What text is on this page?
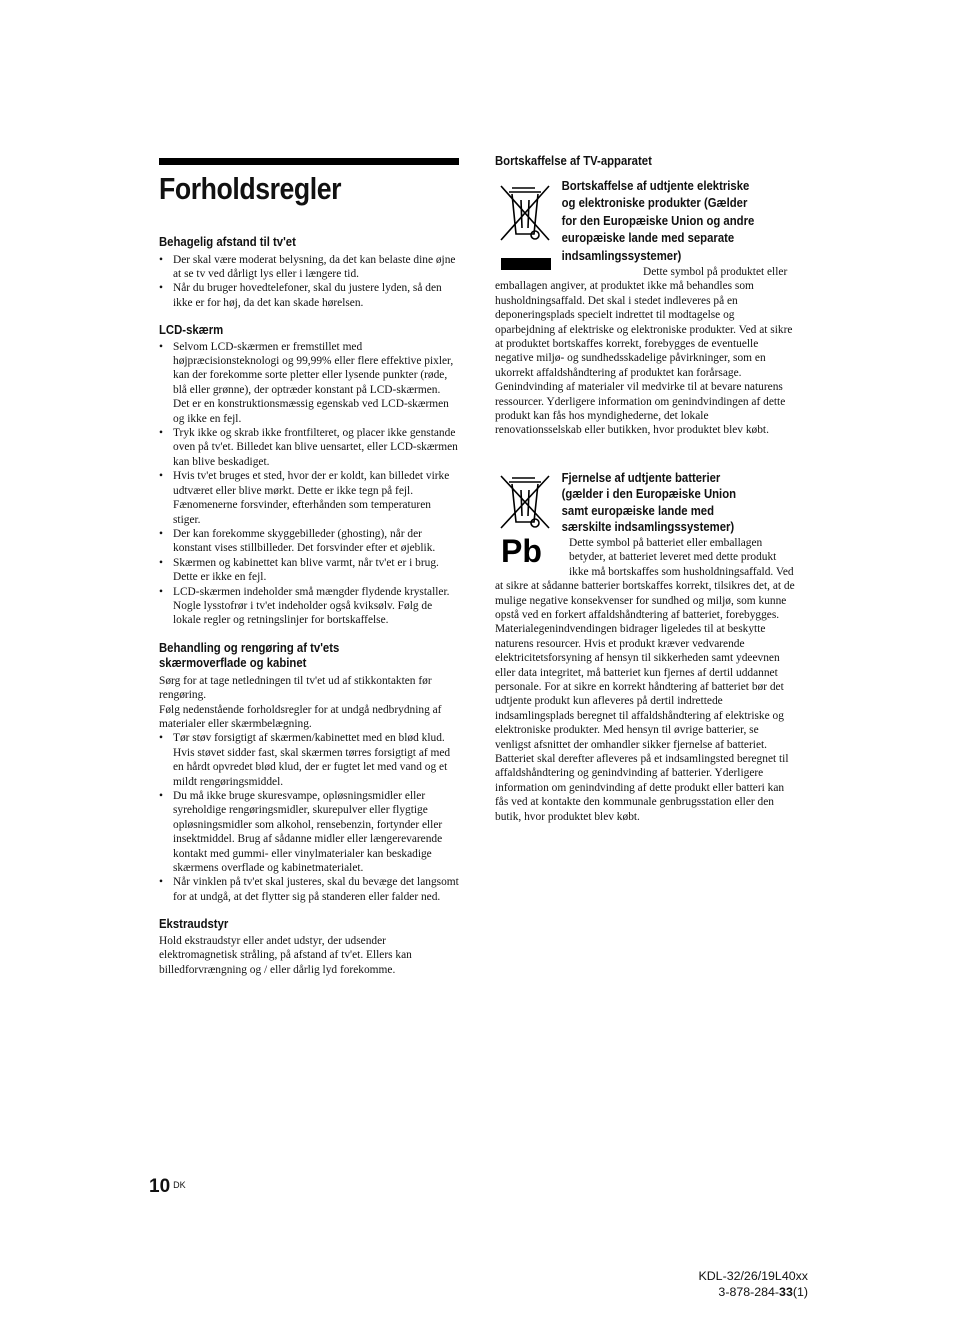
Forholdsregler
Behagelig afstand til tv'et
• Der skal være moderat belysning, da det kan belaste dine øjne at se tv ved dårligt lys eller i længere tid.
• Når du bruger hovedtelefoner, skal du justere lyden, så den ikke er for høj, da det kan skade hørelsen.
LCD-skærm
• Selvom LCD-skærmen er fremstillet med højpræcisionsteknologi og 99,99% eller flere effektive pixler, kan der forekomme sorte pletter eller lysende punkter (røde, blå eller grønne), der optræder konstant på LCD-skærmen. Det er en konstruktionsmæssig egenskab ved LCD-skærmen og ikke en fejl.
• Tryk ikke og skrab ikke frontfilteret, og placer ikke genstande oven på tv'et. Billedet kan blive uensartet, eller LCD-skærmen kan blive beskadiget.
• Hvis tv'et bruges et sted, hvor der er koldt, kan billedet virke udtværet eller blive mørkt. Dette er ikke tegn på fejl. Fænomenerne forsvinder, efterhånden som temperaturen stiger.
• Der kan forekomme skyggebilleder (ghosting), når der konstant vises stillbilleder. Det forsvinder efter et øjeblik.
• Skærmen og kabinettet kan blive varmt, når tv'et er i brug. Dette er ikke en fejl.
• LCD-skærmen indeholder små mængder flydende krystaller. Nogle lysstofrør i tv'et indeholder også kviksølv. Følg de lokale regler og retningslinjer for bortskaffelse.
Behandling og rengøring af tv'ets skærmoverflade og kabinet
Sørg for at tage netledningen til tv'et ud af stikkontakten før rengøring.
Følg nedenstående forholdsregler for at undgå nedbrydning af materialer eller skærmbelægning.
• Tør støv forsigtigt af skærmen/kabinettet med en blød klud. Hvis støvet sidder fast, skal skærmen tørres forsigtigt af med en hårdt opvredet blød klud, der er fugtet let med vand og et mildt rengøringsmiddel.
• Du må ikke bruge skuresvampe, opløsningsmidler eller syreholdige rengøringsmidler, skurepulver eller flygtige opløsningsmidler som alkohol, rensebenzin, fortynder eller insektmiddel. Brug af sådanne midler eller længerevarende kontakt med gummi- eller vinylmaterialer kan beskadige skærmens overflade og kabinetmaterialet.
• Når vinklen på tv'et skal justeres, skal du bevæge det langsomt for at undgå, at det flytter sig på standeren eller falder ned.
Ekstraudstyr
Hold ekstraudstyr eller andet udstyr, der udsender elektromagnetisk stråling, på afstand af tv'et. Ellers kan billedforvrængning og / eller dårlig lyd forekomme.
Bortskaffelse af TV-apparatet
Bortskaffelse af udtjente elektriske og elektroniske produkter (Gælder for den Europæiske Union og andre europæiske lande med separate indsamlingssystemer)
Dette symbol på produktet eller emballagen angiver, at produktet ikke må behandles som husholdningsaffald. Det skal i stedet indleveres på en deponeringsplads specielt indrettet til modtagelse og oparbejdning af elektriske og elektroniske produkter. Ved at sikre at produktet bortskaffes korrekt, forebygges de eventuelle negative miljø- og sundhedsskadelige påvirkninger, som en ukorrekt affaldshåndtering af produktet kan forårsage. Genindvinding af materialer vil medvirke til at bevare naturens ressourcer. Yderligere information om genindvindingen af dette produkt kan fås hos myndighederne, det lokale renovationsselskab eller butikken, hvor produktet blev købt.
Pb
Fjernelse af udtjente batterier (gælder i den Europæiske Union samt europæiske lande med særskilte indsamlingssystemer)
Dette symbol på batteriet eller emballagen betyder, at batteriet leveret med dette produkt ikke må bortskaffes som husholdningsaffald. Ved at sikre at sådanne batterier bortskaffes korrekt, tilsikres det, at de mulige negative konsekvenser for sundhed og miljø, som kunne opstå ved en forkert affaldshåndtering af batteriet, forebygges. Materialegenindvendingen bidrager ligeledes til at beskytte naturens resourcer. Hvis et produkt kræver vedvarende elektricitetsforsyning af hensyn til sikkerheden samt ydeevnen eller data integritet, må batteriet kun fjernes af dertil uddannet personale. For at sikre en korrekt håndtering af batteriet bør det udtjente produkt kun afleveres på dertil indrettede indsamlingsplads beregnet til affaldshåndtering af elektriske og elektroniske produkter. Med hensyn til øvrige batterier, se venligst afsnittet der omhandler sikker fjernelse af batteriet. Batteriet skal derefter afleveres på et indsamlingsted beregnet til affaldshåndtering og genindvinding af batterier. Yderligere information om genindvinding af dette produkt eller batteri kan fås ved at kontakte den kommunale genbrugsstation eller den butik, hvor produktet blev købt.
10 $^{DK}$
KDL-32/26/19L40xx
3-878-284-33(1)
